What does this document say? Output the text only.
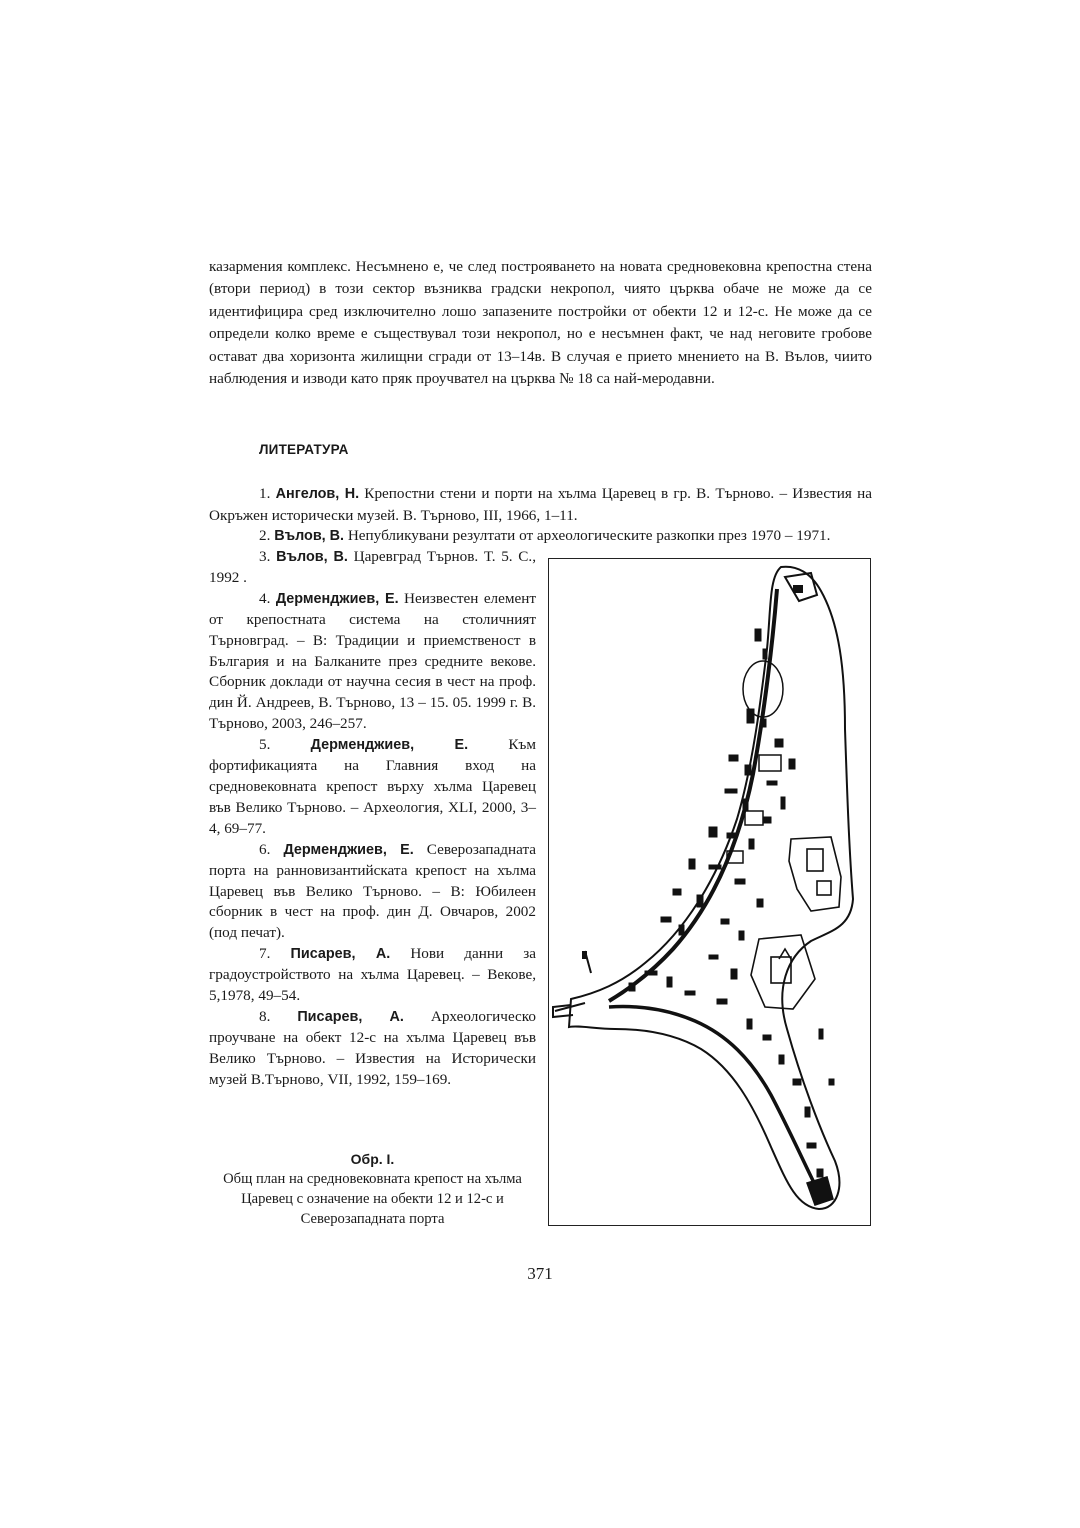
казармения комплекс. Несъмнено е, че след построяването на новата средновековна крепостна стена (втори период) в този сектор възниква градски некропол, чиято църква обаче не може да се идентифицира сред изключително лошо запазените постройки от обекти 12 и 12-с. Не може да се определи колко време е съществувал този некропол, но е несъмнен факт, че над неговите гробове остават два хоризонта жилищни сгради от 13–14в. В случая е прието мнението на В. Вълов, чиито наблюдения и изводи като пряк проучвател на църква № 18 са най-меродавни.

ЛИТЕРАТУРА

1. Ангелов, Н. Крепостни стени и порти на хълма Царевец в гр. В. Търново. – Известия на Окръжен исторически музей. В. Търново, III, 1966, 1–11.

2. Вълов, В. Непубликувани резултати от археологическите разкопки през 1970 – 1971.

3. Вълов, В. Царевград Търнов. Т. 5. С., 1992 .

4. Дерменджиев, Е. Неизвестен елемент от крепостната система на столичният Търновград. – В: Традиции и приемственост в България и на Балканите през средните векове. Сборник доклади от научна сесия в чест на проф. дин Й. Андреев, В. Търново, 13 – 15. 05. 1999 г. В. Търново, 2003, 246–257.

5.	Дерменджиев, Е. Към фортификацията на Главния вход на средновековната крепост върху хълма Царевец във Велико Търново. – Археология, XLI, 2000, 3–4, 69–77.

6. Дерменджиев, Е. Северозападната порта на ранновизантийската крепост на хълма Царевец във Велико Търново. – В: Юбилеен сборник в чест на проф. дин Д. Овчаров, 2002 (под печат).

7. Писарев, А. Нови данни за градоустройството на хълма Царевец. – Векове, 5,1978, 49–54.

8. Писарев, А. Археологическо проучване на обект 12-с на хълма Царевец във Велико Търново. – Известия на Исторически музей В.Търново, VII, 1992, 159–169.

Обр. I.
Общ план на средновековната крепост на хълма Царевец с означение на обекти 12 и 12-с и Северозападната порта

371
